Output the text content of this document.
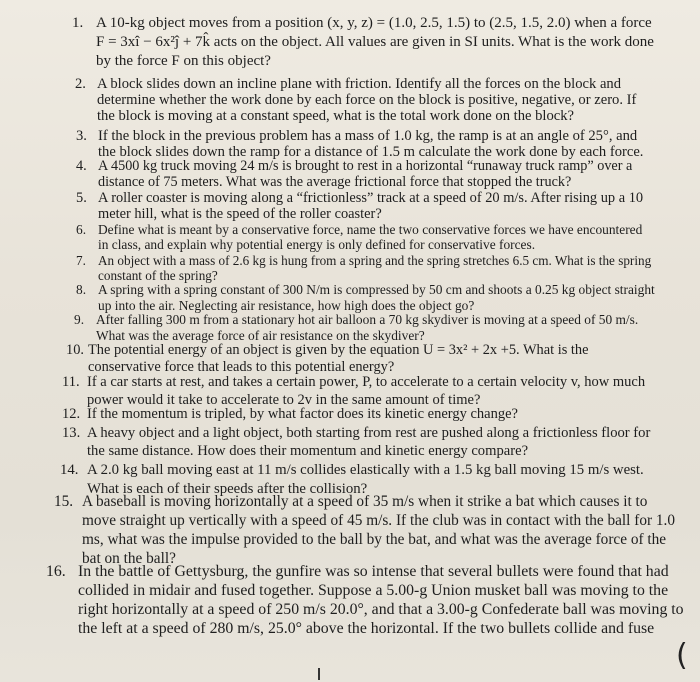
1. A 10-kg object moves from a position (x, y, z) = (1.0, 2.5, 1.5) to (2.5, 1.5, 2.0) when a force F = 3xî − 6x²ĵ + 7k̂ acts on the object. All values are given in SI units. What is the work done by the force F on this object?
2. A block slides down an incline plane with friction. Identify all the forces on the block and determine whether the work done by each force on the block is positive, negative, or zero. If the block is moving at a constant speed, what is the total work done on the block?
3. If the block in the previous problem has a mass of 1.0 kg, the ramp is at an angle of 25°, and the block slides down the ramp for a distance of 1.5 m calculate the work done by each force.
4. A 4500 kg truck moving 24 m/s is brought to rest in a horizontal “runaway truck ramp” over a distance of 75 meters. What was the average frictional force that stopped the truck?
5. A roller coaster is moving along a “frictionless” track at a speed of 20 m/s. After rising up a 10 meter hill, what is the speed of the roller coaster?
6. Define what is meant by a conservative force, name the two conservative forces we have encountered in class, and explain why potential energy is only defined for conservative forces.
7. An object with a mass of 2.6 kg is hung from a spring and the spring stretches 6.5 cm. What is the spring constant of the spring?
8. A spring with a spring constant of 300 N/m is compressed by 50 cm and shoots a 0.25 kg object straight up into the air. Neglecting air resistance, how high does the object go?
9. After falling 300 m from a stationary hot air balloon a 70 kg skydiver is moving at a speed of 50 m/s. What was the average force of air resistance on the skydiver?
10. The potential energy of an object is given by the equation U = 3x² + 2x +5. What is the conservative force that leads to this potential energy?
11. If a car starts at rest, and takes a certain power, P, to accelerate to a certain velocity v, how much power would it take to accelerate to 2v in the same amount of time?
12. If the momentum is tripled, by what factor does its kinetic energy change?
13. A heavy object and a light object, both starting from rest are pushed along a frictionless floor for the same distance. How does their momentum and kinetic energy compare?
14. A 2.0 kg ball moving east at 11 m/s collides elastically with a 1.5 kg ball moving 15 m/s west. What is each of their speeds after the collision?
15. A baseball is moving horizontally at a speed of 35 m/s when it strike a bat which causes it to move straight up vertically with a speed of 45 m/s. If the club was in contact with the ball for 1.0 ms, what was the impulse provided to the ball by the bat, and what was the average force of the bat on the ball?
16. In the battle of Gettysburg, the gunfire was so intense that several bullets were found that had collided in midair and fused together. Suppose a 5.00-g Union musket ball was moving to the right horizontally at a speed of 250 m/s 20.0°, and that a 3.00-g Confederate ball was moving to the left at a speed of 280 m/s, 25.0° above the horizontal. If the two bullets collide and fuse
(
